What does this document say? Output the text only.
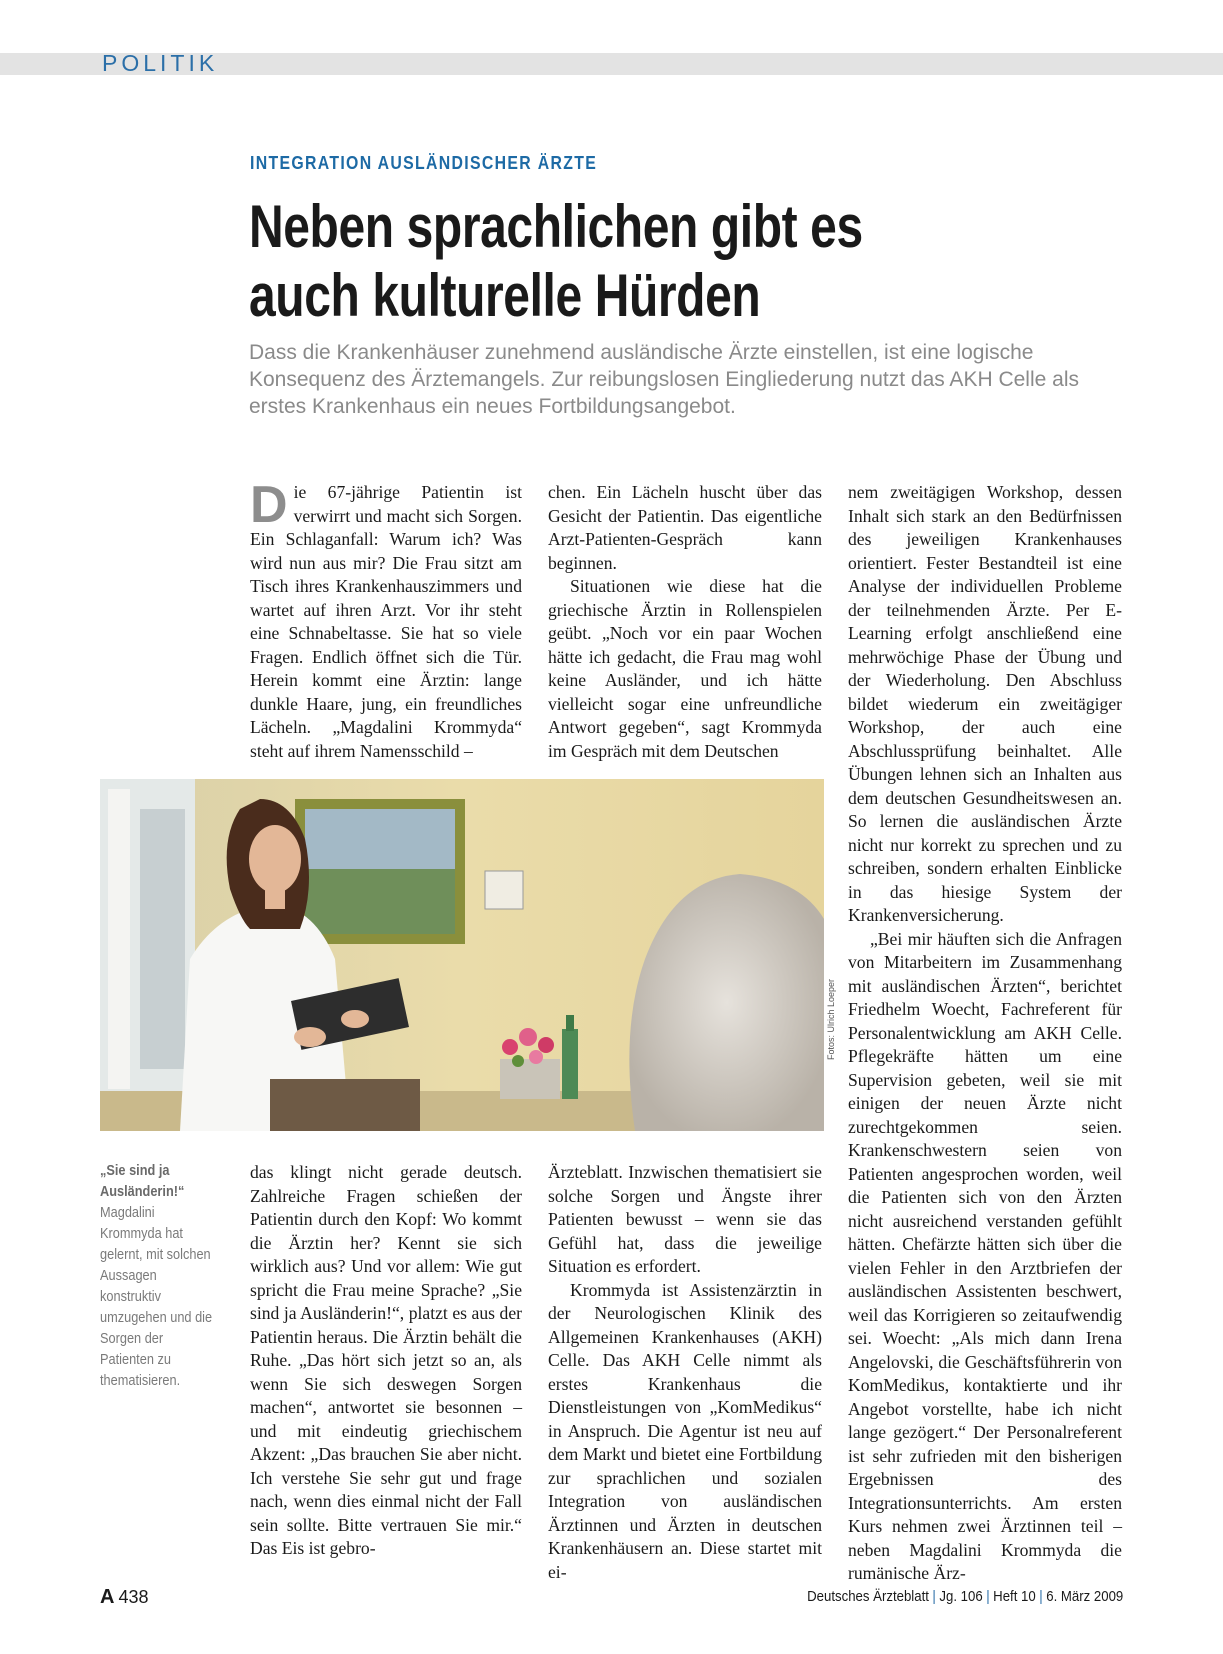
POLITIK
INTEGRATION AUSLÄNDISCHER ÄRZTE
Neben sprachlichen gibt es auch kulturelle Hürden
Dass die Krankenhäuser zunehmend ausländische Ärzte einstellen, ist eine logische Konsequenz des Ärztemangels. Zur reibungslosen Eingliederung nutzt das AKH Celle als erstes Krankenhaus ein neues Fortbildungsangebot.

Die 67-jährige Patientin ist verwirrt und macht sich Sorgen. Ein Schlaganfall: Warum ich? Was wird nun aus mir? Die Frau sitzt am Tisch ihres Krankenhauszimmers und wartet auf ihren Arzt. Vor ihr steht eine Schnabeltasse. Sie hat so viele Fragen. Endlich öffnet sich die Tür. Herein kommt eine Ärztin: lange dunkle Haare, jung, ein freundliches Lächeln. „Magdalini Krommyda“ steht auf ihrem Namensschild –

chen. Ein Lächeln huscht über das Gesicht der Patientin. Das eigentliche Arzt-Patienten-Gespräch kann beginnen.

Situationen wie diese hat die griechische Ärztin in Rollenspielen geübt. „Noch vor ein paar Wochen hätte ich gedacht, die Frau mag wohl keine Ausländer, und ich hätte vielleicht sogar eine unfreundliche Antwort gegeben“, sagt Krommyda im Gespräch mit dem Deutschen

nem zweitägigen Workshop, dessen Inhalt sich stark an den Bedürfnissen des jeweiligen Krankenhauses orientiert. Fester Bestandteil ist eine Analyse der individuellen Probleme der teilnehmenden Ärzte. Per E-Learning erfolgt anschließend eine mehrwöchige Phase der Übung und der Wiederholung. Den Abschluss bildet wiederum ein zweitägiger Workshop, der auch eine Abschlussprüfung beinhaltet. Alle Übungen lehnen sich an Inhalten aus dem deutschen Gesundheitswesen an. So lernen die ausländischen Ärzte nicht nur korrekt zu sprechen und zu schreiben, sondern erhalten Einblicke in das hiesige System der Krankenversicherung.

„Bei mir häuften sich die Anfragen von Mitarbeitern im Zusammenhang mit ausländischen Ärzten“, berichtet Friedhelm Woecht, Fachreferent für Personalentwicklung am AKH Celle. Pflegekräfte hätten um eine Supervision gebeten, weil sie mit einigen der neuen Ärzte nicht zurechtgekommen seien. Krankenschwestern seien von Patienten angesprochen worden, weil die Patienten sich von den Ärzten nicht ausreichend verstanden gefühlt hätten. Chefärzte hätten sich über die vielen Fehler in den Arztbriefen der ausländischen Assistenten beschwert, weil das Korrigieren so zeitaufwendig sei. Woecht: „Als mich dann Irena Angelovski, die Geschäftsführerin von KomMedikus, kontaktierte und ihr Angebot vorstellte, habe ich nicht lange gezögert.“ Der Personalreferent ist sehr zufrieden mit den bisherigen Ergebnissen des Integrationsunterrichts. Am ersten Kurs nehmen zwei Ärztinnen teil – neben Magdalini Krommyda die rumänische Ärz-

Fotos: Ulrich Loeper
„Sie sind ja Ausländerin!“ Magdalini Krommyda hat gelernt, mit solchen Aussagen konstruktiv umzugehen und die Sorgen der Patienten zu thematisieren.

das klingt nicht gerade deutsch. Zahlreiche Fragen schießen der Patientin durch den Kopf: Wo kommt die Ärztin her? Kennt sie sich wirklich aus? Und vor allem: Wie gut spricht die Frau meine Sprache? „Sie sind ja Ausländerin!“, platzt es aus der Patientin heraus. Die Ärztin behält die Ruhe. „Das hört sich jetzt so an, als wenn Sie sich deswegen Sorgen machen“, antwortet sie besonnen – und mit eindeutig griechischem Akzent: „Das brauchen Sie aber nicht. Ich verstehe Sie sehr gut und frage nach, wenn dies einmal nicht der Fall sein sollte. Bitte vertrauen Sie mir.“ Das Eis ist gebro-

Ärzteblatt. Inzwischen thematisiert sie solche Sorgen und Ängste ihrer Patienten bewusst – wenn sie das Gefühl hat, dass die jeweilige Situation es erfordert.

Krommyda ist Assistenzärztin in der Neurologischen Klinik des Allgemeinen Krankenhauses (AKH) Celle. Das AKH Celle nimmt als erstes Krankenhaus die Dienstleistungen von „KomMedikus“ in Anspruch. Die Agentur ist neu auf dem Markt und bietet eine Fortbildung zur sprachlichen und sozialen Integration von ausländischen Ärztinnen und Ärzten in deutschen Krankenhäusern an. Diese startet mit ei-

A 438	Deutsches Ärzteblatt | Jg. 106 | Heft 10 | 6. März 2009
